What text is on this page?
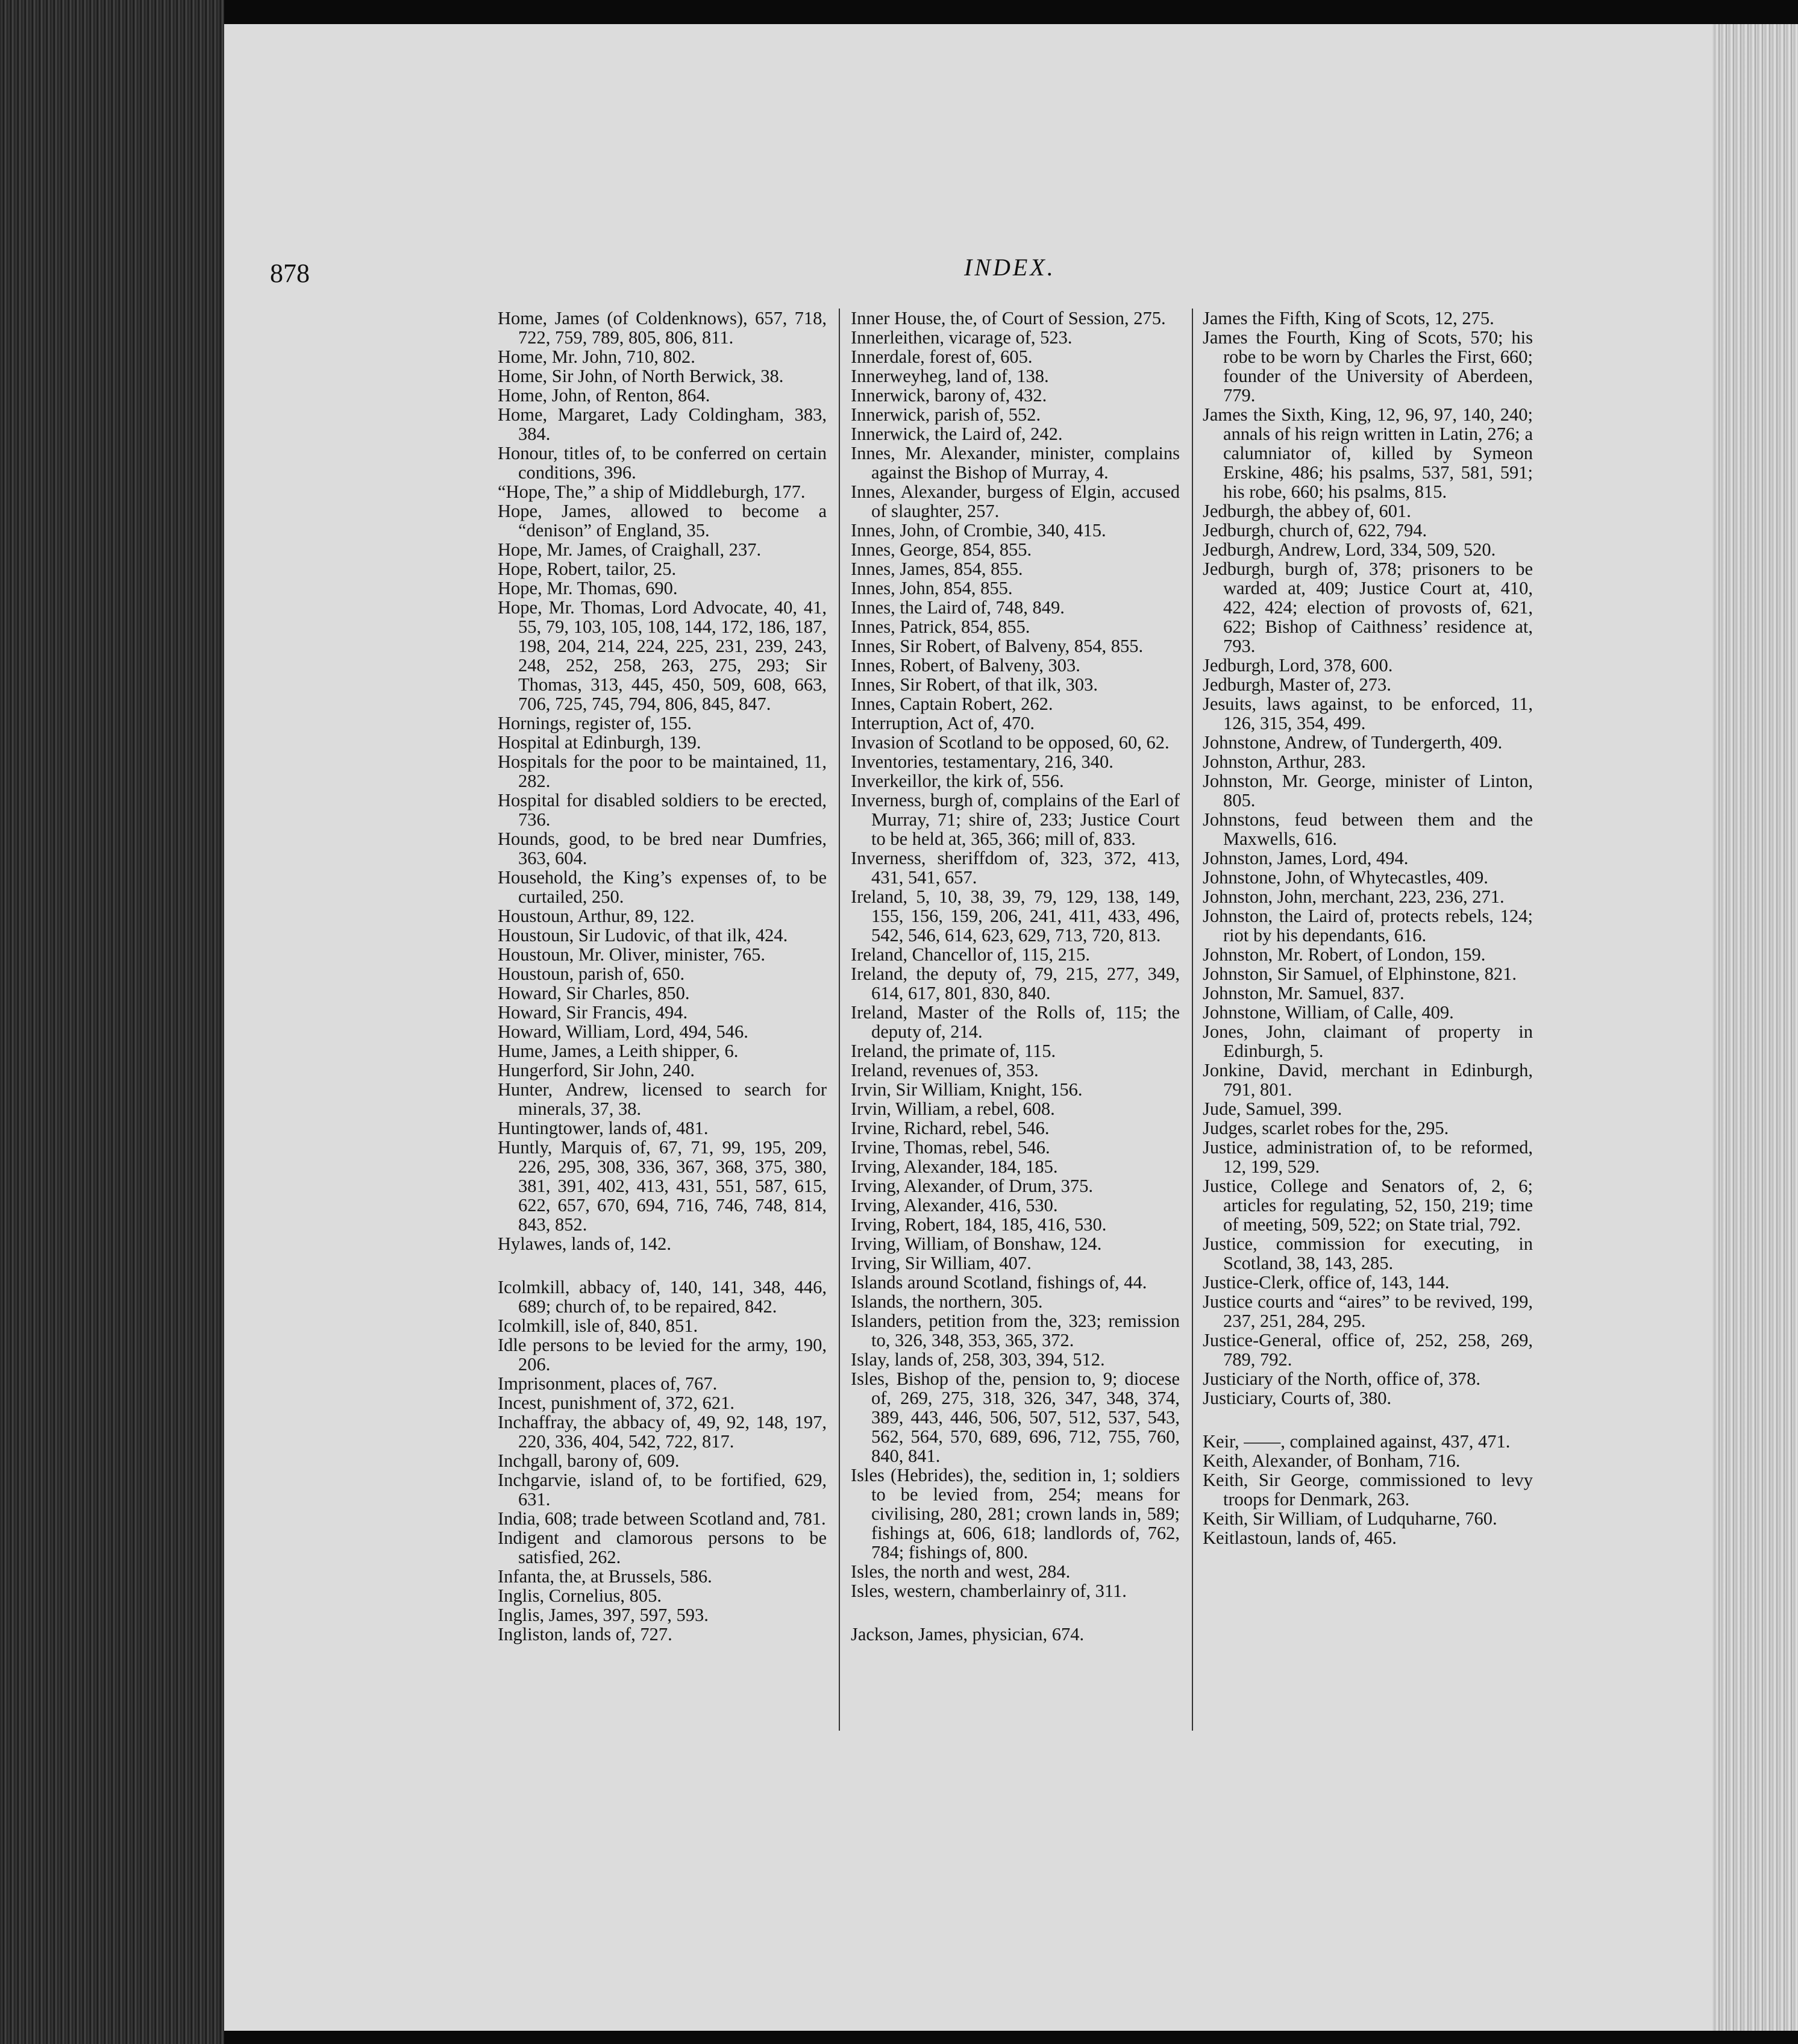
878	INDEX.
Home, James (of Coldenknows), 657, 718, 722, 759, 789, 805, 806, 811.
Home, Mr. John, 710, 802.
Home, Sir John, of North Berwick, 38.
Home, John, of Renton, 864.
Home, Margaret, Lady Coldingham, 383, 384.
Honour, titles of, to be conferred on certain conditions, 396.
“Hope, The,” a ship of Middleburgh, 177.
Hope, James, allowed to become a “denison” of England, 35.
Hope, Mr. James, of Craighall, 237.
Hope, Robert, tailor, 25.
Hope, Mr. Thomas, 690.
Hope, Mr. Thomas, Lord Advocate, 40, 41, 55, 79, 103, 105, 108, 144, 172, 186, 187, 198, 204, 214, 224, 225, 231, 239, 243, 248, 252, 258, 263, 275, 293; Sir Thomas, 313, 445, 450, 509, 608, 663, 706, 725, 745, 794, 806, 845, 847.
Hornings, register of, 155.
Hospital at Edinburgh, 139.
Hospitals for the poor to be maintained, 11, 282.
Hospital for disabled soldiers to be erected, 736.
Hounds, good, to be bred near Dumfries, 363, 604.
Household, the King’s expenses of, to be curtailed, 250.
Houstoun, Arthur, 89, 122.
Houstoun, Sir Ludovic, of that ilk, 424.
Houstoun, Mr. Oliver, minister, 765.
Houstoun, parish of, 650.
Howard, Sir Charles, 850.
Howard, Sir Francis, 494.
Howard, William, Lord, 494, 546.
Hume, James, a Leith shipper, 6.
Hungerford, Sir John, 240.
Hunter, Andrew, licensed to search for minerals, 37, 38.
Huntingtower, lands of, 481.
Huntly, Marquis of, 67, 71, 99, 195, 209, 226, 295, 308, 336, 367, 368, 375, 380, 381, 391, 402, 413, 431, 551, 587, 615, 622, 657, 670, 694, 716, 746, 748, 814, 843, 852.
Hylawes, lands of, 142.
Icolmkill, abbacy of, 140, 141, 348, 446, 689; church of, to be repaired, 842.
Icolmkill, isle of, 840, 851.
Idle persons to be levied for the army, 190, 206.
Imprisonment, places of, 767.
Incest, punishment of, 372, 621.
Inchaffray, the abbacy of, 49, 92, 148, 197, 220, 336, 404, 542, 722, 817.
Inchgall, barony of, 609.
Inchgarvie, island of, to be fortified, 629, 631.
India, 608; trade between Scotland and, 781.
Indigent and clamorous persons to be satisfied, 262.
Infanta, the, at Brussels, 586.
Inglis, Cornelius, 805.
Inglis, James, 397, 597, 593.
Ingliston, lands of, 727.
Inner House, the, of Court of Session, 275.
Innerleithen, vicarage of, 523.
Innerdale, forest of, 605.
Innerweyheg, land of, 138.
Innerwick, barony of, 432.
Innerwick, parish of, 552.
Innerwick, the Laird of, 242.
Innes, Mr. Alexander, minister, complains against the Bishop of Murray, 4.
Innes, Alexander, burgess of Elgin, accused of slaughter, 257.
Innes, John, of Crombie, 340, 415.
Innes, George, 854, 855.
Innes, James, 854, 855.
Innes, John, 854, 855.
Innes, the Laird of, 748, 849.
Innes, Patrick, 854, 855.
Innes, Sir Robert, of Balveny, 854, 855.
Innes, Robert, of Balveny, 303.
Innes, Sir Robert, of that ilk, 303.
Innes, Captain Robert, 262.
Interruption, Act of, 470.
Invasion of Scotland to be opposed, 60, 62.
Inventories, testamentary, 216, 340.
Inverkeillor, the kirk of, 556.
Inverness, burgh of, complains of the Earl of Murray, 71; shire of, 233; Justice Court to be held at, 365, 366; mill of, 833.
Inverness, sheriffdom of, 323, 372, 413, 431, 541, 657.
Ireland, 5, 10, 38, 39, 79, 129, 138, 149, 155, 156, 159, 206, 241, 411, 433, 496, 542, 546, 614, 623, 629, 713, 720, 813.
Ireland, Chancellor of, 115, 215.
Ireland, the deputy of, 79, 215, 277, 349, 614, 617, 801, 830, 840.
Ireland, Master of the Rolls of, 115; the deputy of, 214.
Ireland, the primate of, 115.
Ireland, revenues of, 353.
Irvin, Sir William, Knight, 156.
Irvin, William, a rebel, 608.
Irvine, Richard, rebel, 546.
Irvine, Thomas, rebel, 546.
Irving, Alexander, 184, 185.
Irving, Alexander, of Drum, 375.
Irving, Alexander, 416, 530.
Irving, Robert, 184, 185, 416, 530.
Irving, William, of Bonshaw, 124.
Irving, Sir William, 407.
Islands around Scotland, fishings of, 44.
Islands, the northern, 305.
Islanders, petition from the, 323; remission to, 326, 348, 353, 365, 372.
Islay, lands of, 258, 303, 394, 512.
Isles, Bishop of the, pension to, 9; diocese of, 269, 275, 318, 326, 347, 348, 374, 389, 443, 446, 506, 507, 512, 537, 543, 562, 564, 570, 689, 696, 712, 755, 760, 840, 841.
Isles (Hebrides), the, sedition in, 1; soldiers to be levied from, 254; means for civilising, 280, 281; crown lands in, 589; fishings at, 606, 618; landlords of, 762, 784; fishings of, 800.
Isles, the north and west, 284.
Isles, western, chamberlainry of, 311.
Jackson, James, physician, 674.
James the Fifth, King of Scots, 12, 275.
James the Fourth, King of Scots, 570; his robe to be worn by Charles the First, 660; founder of the University of Aberdeen, 779.
James the Sixth, King, 12, 96, 97, 140, 240; annals of his reign written in Latin, 276; a calumniator of, killed by Symeon Erskine, 486; his psalms, 537, 581, 591; his robe, 660; his psalms, 815.
Jedburgh, the abbey of, 601.
Jedburgh, church of, 622, 794.
Jedburgh, Andrew, Lord, 334, 509, 520.
Jedburgh, burgh of, 378; prisoners to be warded at, 409; Justice Court at, 410, 422, 424; election of provosts of, 621, 622; Bishop of Caithness’ residence at, 793.
Jedburgh, Lord, 378, 600.
Jedburgh, Master of, 273.
Jesuits, laws against, to be enforced, 11, 126, 315, 354, 499.
Johnstone, Andrew, of Tundergerth, 409.
Johnston, Arthur, 283.
Johnston, Mr. George, minister of Linton, 805.
Johnstons, feud between them and the Maxwells, 616.
Johnston, James, Lord, 494.
Johnstone, John, of Whytecastles, 409.
Johnston, John, merchant, 223, 236, 271.
Johnston, the Laird of, protects rebels, 124; riot by his dependants, 616.
Johnston, Mr. Robert, of London, 159.
Johnston, Sir Samuel, of Elphinstone, 821.
Johnston, Mr. Samuel, 837.
Johnstone, William, of Calle, 409.
Jones, John, claimant of property in Edinburgh, 5.
Jonkine, David, merchant in Edinburgh, 791, 801.
Jude, Samuel, 399.
Judges, scarlet robes for the, 295.
Justice, administration of, to be reformed, 12, 199, 529.
Justice, College and Senators of, 2, 6; articles for regulating, 52, 150, 219; time of meeting, 509, 522; on State trial, 792.
Justice, commission for executing, in Scotland, 38, 143, 285.
Justice-Clerk, office of, 143, 144.
Justice courts and “aires” to be revived, 199, 237, 251, 284, 295.
Justice-General, office of, 252, 258, 269, 789, 792.
Justiciary of the North, office of, 378.
Justiciary, Courts of, 380.
Keir, ——, complained against, 437, 471.
Keith, Alexander, of Bonham, 716.
Keith, Sir George, commissioned to levy troops for Denmark, 263.
Keith, Sir William, of Ludquharne, 760.
Keitlastoun, lands of, 465.
